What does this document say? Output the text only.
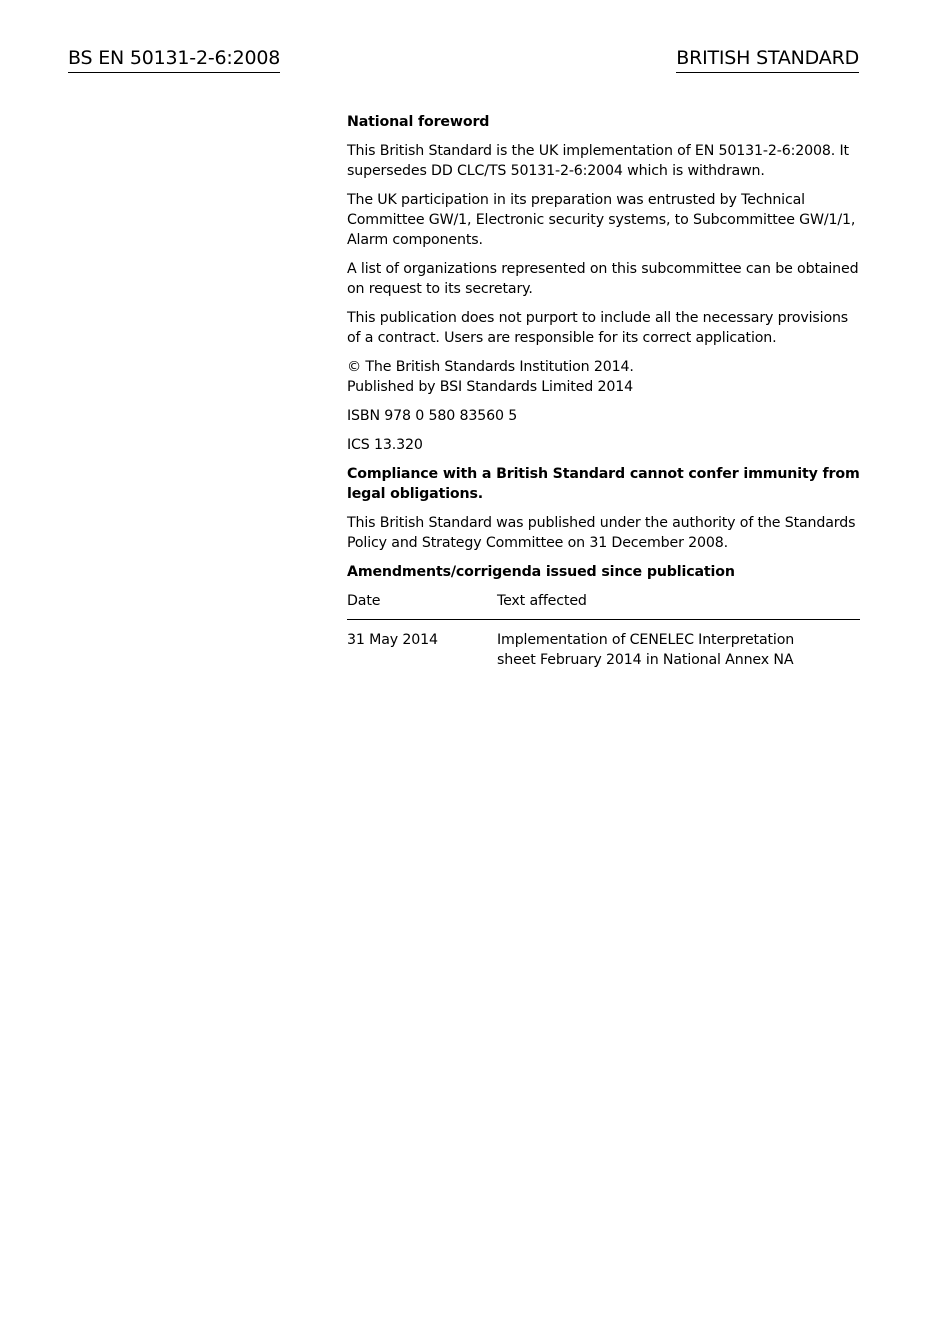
BS EN 50131-2-6:2008	BRITISH STANDARD

National foreword

This British Standard is the UK implementation of EN 50131-2-6:2008. It supersedes DD CLC/TS 50131-2-6:2004 which is withdrawn.

The UK participation in its preparation was entrusted by Technical Committee GW/1, Electronic security systems, to Subcommittee GW/1/1, Alarm components.

A list of organizations represented on this subcommittee can be obtained on request to its secretary.

This publication does not purport to include all the necessary provisions of a contract. Users are responsible for its correct application.

© The British Standards Institution 2014.
Published by BSI Standards Limited 2014

ISBN 978 0 580 83560 5

ICS 13.320

Compliance with a British Standard cannot confer immunity from legal obligations.

This British Standard was published under the authority of the Standards Policy and Strategy Committee on 31 December 2008.

Amendments/corrigenda issued since publication

Date	Text affected
31 May 2014	Implementation of CENELEC Interpretation
sheet February 2014 in National Annex NA
